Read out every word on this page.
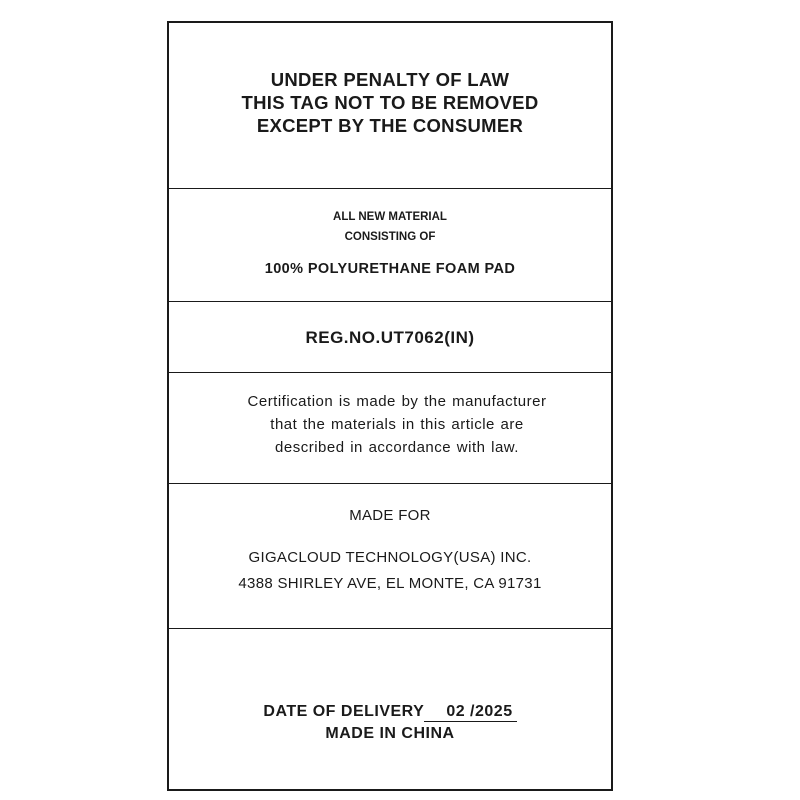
UNDER PENALTY OF LAW
THIS TAG NOT TO BE REMOVED
EXCEPT BY THE CONSUMER
ALL NEW MATERIAL
CONSISTING OF
100% POLYURETHANE FOAM PAD
REG.NO.UT7062(IN)
Certification is made by the manufacturer
that the materials in this article are
described in accordance with law.
MADE FOR
GIGACLOUD TECHNOLOGY(USA) INC.
4388 SHIRLEY AVE, EL MONTE, CA 91731
DATE OF DELIVERY 02 /2025
MADE IN CHINA
